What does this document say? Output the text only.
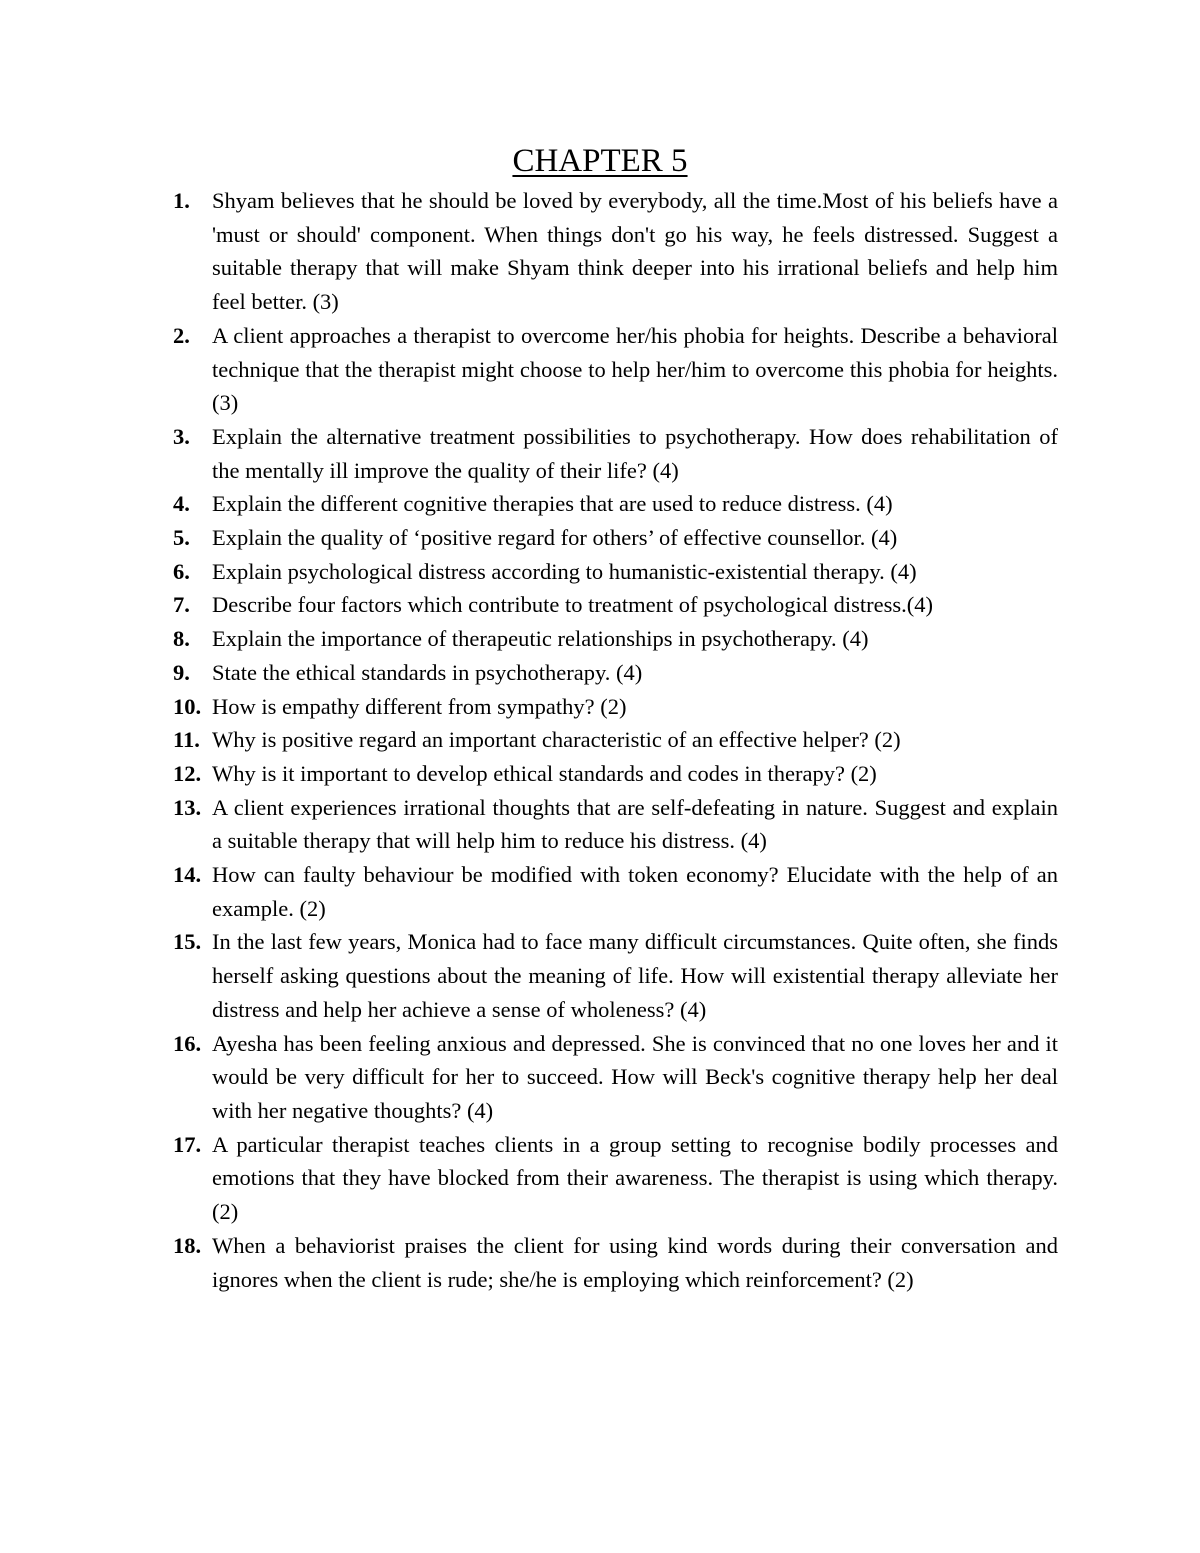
CHAPTER 5
1. Shyam believes that he should be loved by everybody, all the time.Most of his beliefs have a 'must or should' component. When things don't go his way, he feels distressed. Suggest a suitable therapy that will make Shyam think deeper into his irrational beliefs and help him feel better. (3)
2. A client approaches a therapist to overcome her/his phobia for heights. Describe a behavioral technique that the therapist might choose to help her/him to overcome this phobia for heights. (3)
3. Explain the alternative treatment possibilities to psychotherapy. How does rehabilitation of the mentally ill improve the quality of their life? (4)
4. Explain the different cognitive therapies that are used to reduce distress. (4)
5. Explain the quality of ‘positive regard for others’ of effective counsellor. (4)
6. Explain psychological distress according to humanistic-existential therapy. (4)
7. Describe four factors which contribute to treatment of psychological distress.(4)
8. Explain the importance of therapeutic relationships in psychotherapy. (4)
9. State the ethical standards in psychotherapy. (4)
10. How is empathy different from sympathy? (2)
11. Why is positive regard an important characteristic of an effective helper? (2)
12. Why is it important to develop ethical standards and codes in therapy? (2)
13. A client experiences irrational thoughts that are self-defeating in nature. Suggest and explain a suitable therapy that will help him to reduce his distress. (4)
14. How can faulty behaviour be modified with token economy? Elucidate with the help of an example. (2)
15. In the last few years, Monica had to face many difficult circumstances. Quite often, she finds herself asking questions about the meaning of life. How will existential therapy alleviate her distress and help her achieve a sense of wholeness? (4)
16. Ayesha has been feeling anxious and depressed. She is convinced that no one loves her and it would be very difficult for her to succeed. How will Beck's cognitive therapy help her deal with her negative thoughts? (4)
17. A particular therapist teaches clients in a group setting to recognise bodily processes and emotions that they have blocked from their awareness. The therapist is using which therapy. (2)
18. When a behaviorist praises the client for using kind words during their conversation and ignores when the client is rude; she/he is employing which reinforcement? (2)
